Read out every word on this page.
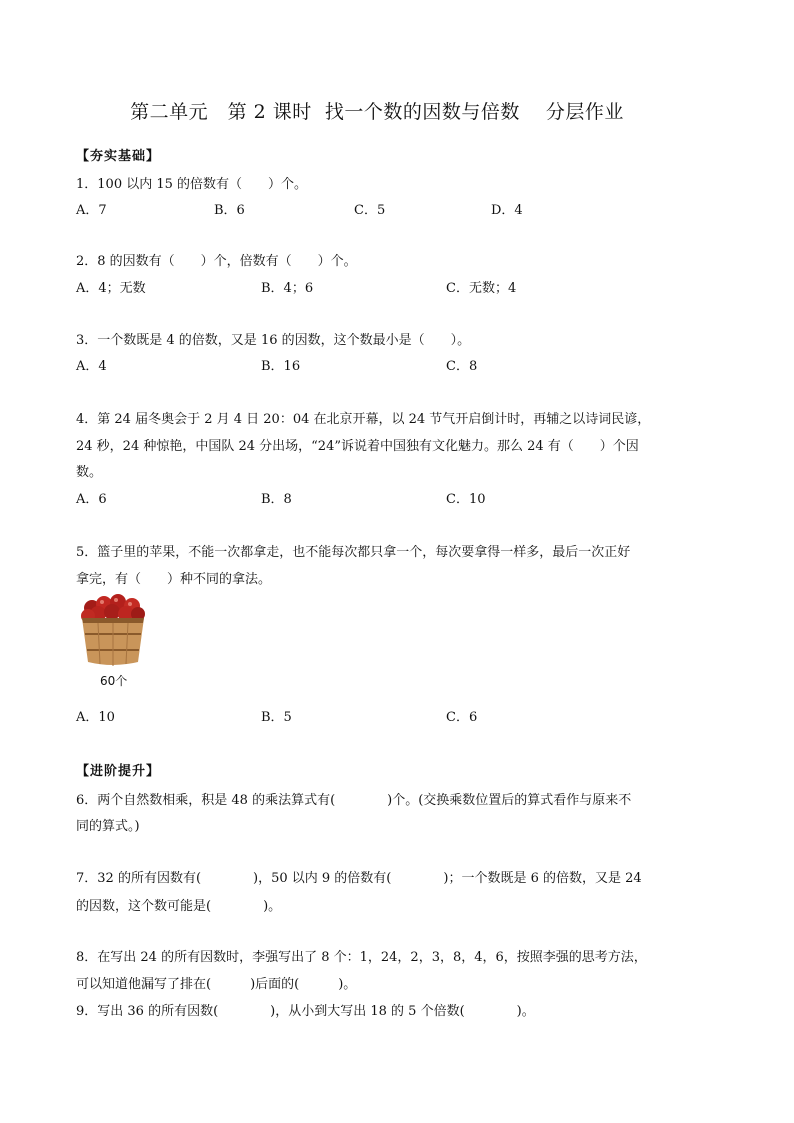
第二单元　第 2 课时  找一个数的因数与倍数　 分层作业
【夯实基础】
1．100 以内 15 的倍数有（　　）个。
A．7	B．6	C．5	D．4
2．8 的因数有（　　）个，倍数有（　　）个。
A．4；无数	B．4；6	C．无数；4
3．一个数既是 4 的倍数，又是 16 的因数，这个数最小是（　　）。
A．4	B．16	C．8
4．第 24 届冬奥会于 2 月 4 日 20：04 在北京开幕，以 24 节气开启倒计时，再辅之以诗词民谚，
24 秒，24 种惊艳，中国队 24 分出场，“24”诉说着中国独有文化魅力。那么 24 有（　　）个因
数。
A．6	B．8	C．10
5．篮子里的苹果，不能一次都拿走，也不能每次都只拿一个，每次要拿得一样多，最后一次正好
拿完，有（　　）种不同的拿法。
60个
A．10	B．5	C．6
【进阶提升】
6．两个自然数相乘，积是 48 的乘法算式有(　　　　)个。(交换乘数位置后的算式看作与原来不
同的算式。)
7．32 的所有因数有(　　　　)，50 以内 9 的倍数有(　　　　)；一个数既是 6 的倍数，又是 24
的因数，这个数可能是(　　　　)。
8．在写出 24 的所有因数时，李强写出了 8 个：1，24，2，3，8，4，6，按照李强的思考方法，
可以知道他漏写了排在(　　　)后面的(　　　)。
9．写出 36 的所有因数(　　　　)，从小到大写出 18 的 5 个倍数(　　　　)。
